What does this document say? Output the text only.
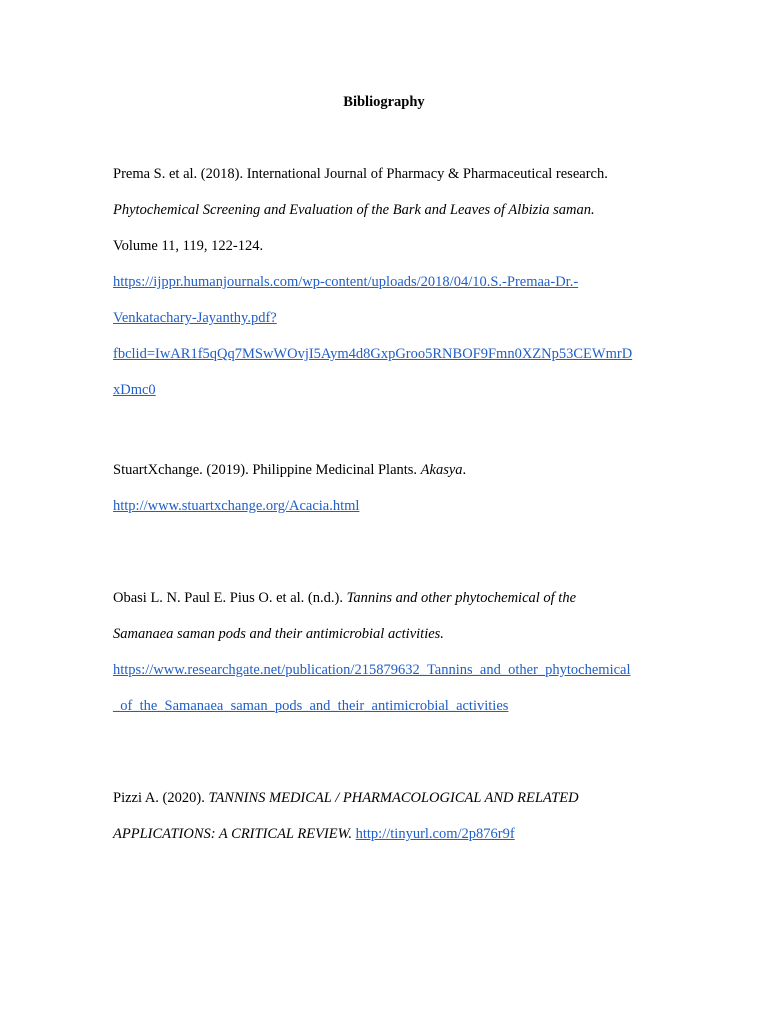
Bibliography
Prema S. et al. (2018). International Journal of Pharmacy & Pharmaceutical research.
Phytochemical Screening and Evaluation of the Bark and Leaves of Albizia saman.
Volume 11, 119, 122-124.
https://ijppr.humanjournals.com/wp-content/uploads/2018/04/10.S.-Premaa-Dr.-
Venkatachary-Jayanthy.pdf?
fbclid=IwAR1f5qQq7MSwWOvjI5Aym4d8GxpGroo5RNBOF9Fmn0XZNp53CEWmrD
xDmc0
StuartXchange. (2019). Philippine Medicinal Plants. Akasya.
http://www.stuartxchange.org/Acacia.html
Obasi L. N. Paul E. Pius O. et al. (n.d.). Tannins and other phytochemical of the
Samanaea saman pods and their antimicrobial activities.
https://www.researchgate.net/publication/215879632_Tannins_and_other_phytochemical
_of_the_Samanaea_saman_pods_and_their_antimicrobial_activities
Pizzi A. (2020). TANNINS MEDICAL / PHARMACOLOGICAL AND RELATED
APPLICATIONS: A CRITICAL REVIEW. http://tinyurl.com/2p876r9f
